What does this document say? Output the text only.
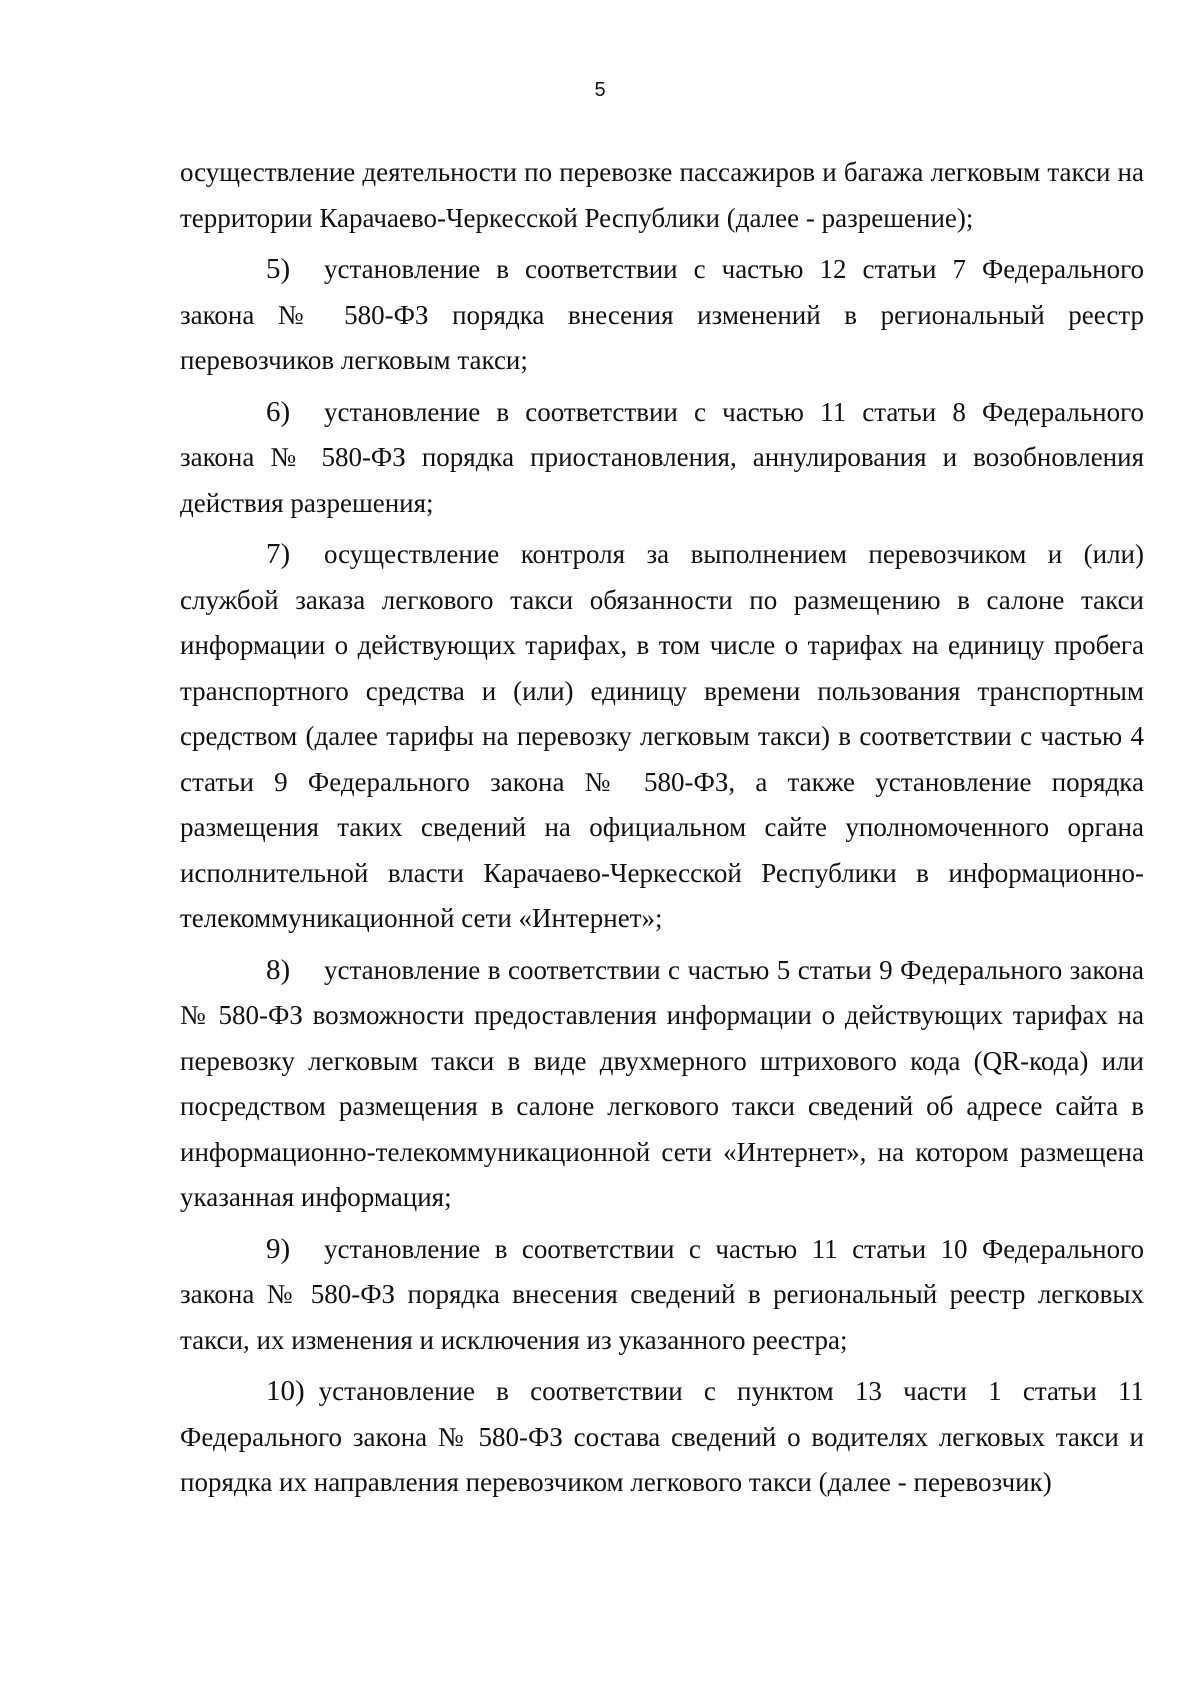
5

осуществление деятельности по перевозке пассажиров и багажа легковым такси на территории Карачаево-Черкесской Республики (далее - разрешение);

5) установление в соответствии с частью 12 статьи 7 Федерального закона № 580-ФЗ порядка внесения изменений в региональный реестр перевозчиков легковым такси;

6) установление в соответствии с частью 11 статьи 8 Федерального закона № 580-ФЗ порядка приостановления, аннулирования и возобновления действия разрешения;

7) осуществление контроля за выполнением перевозчиком и (или) службой заказа легкового такси обязанности по размещению в салоне такси информации о действующих тарифах, в том числе о тарифах на единицу пробега транспортного средства и (или) единицу времени пользования транспортным средством (далее тарифы на перевозку легковым такси) в соответствии с частью 4 статьи 9 Федерального закона № 580-ФЗ, а также установление порядка размещения таких сведений на официальном сайте уполномоченного органа исполнительной власти Карачаево-Черкесской Республики в информационно-телекоммуникационной сети «Интернет»;

8) установление в соответствии с частью 5 статьи 9 Федерального закона № 580-ФЗ возможности предоставления информации о действующих тарифах на перевозку легковым такси в виде двухмерного штрихового кода (QR-кода) или посредством размещения в салоне легкового такси сведений об адресе сайта в информационно-телекоммуникационной сети «Интернет», на котором размещена указанная информация;

9) установление в соответствии с частью 11 статьи 10 Федерального закона № 580-ФЗ порядка внесения сведений в региональный реестр легковых такси, их изменения и исключения из указанного реестра;

10) установление в соответствии с пунктом 13 части 1 статьи 11 Федерального закона № 580-ФЗ состава сведений о водителях легковых такси и порядка их направления перевозчиком легкового такси (далее - перевозчик)
